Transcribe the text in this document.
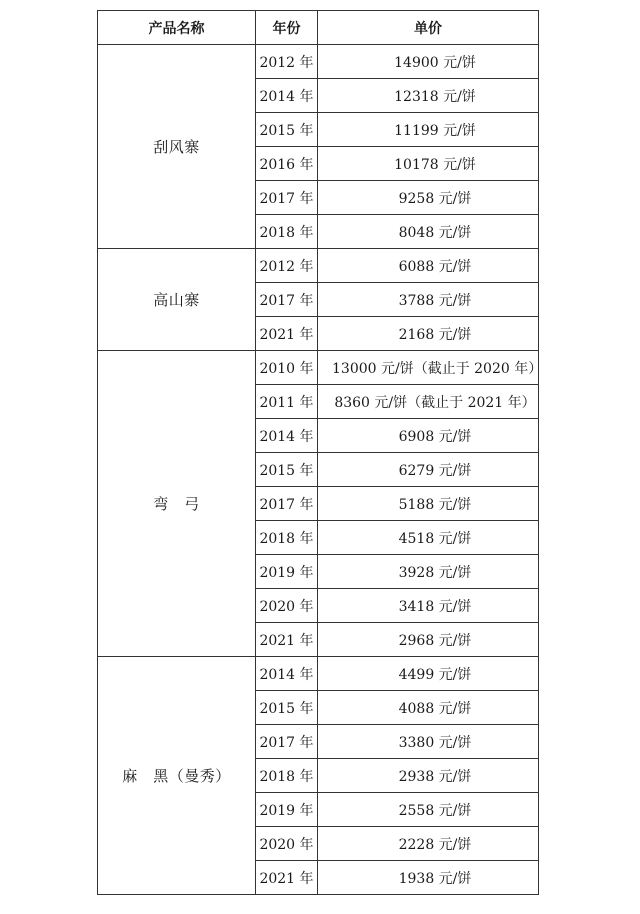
产品名称	年份	单价
刮风寨	2012 年	14900 元/饼
	2014 年	12318 元/饼
	2015 年	11199 元/饼
	2016 年	10178 元/饼
	2017 年	9258 元/饼
	2018 年	8048 元/饼
高山寨	2012 年	6088 元/饼
	2017 年	3788 元/饼
	2021 年	2168 元/饼
弯　弓	2010 年	13000 元/饼（截止于 2020 年）
	2011 年	8360 元/饼（截止于 2021 年）
	2014 年	6908 元/饼
	2015 年	6279 元/饼
	2017 年	5188 元/饼
	2018 年	4518 元/饼
	2019 年	3928 元/饼
	2020 年	3418 元/饼
	2021 年	2968 元/饼
麻　黑（曼秀）	2014 年	4499 元/饼
	2015 年	4088 元/饼
	2017 年	3380 元/饼
	2018 年	2938 元/饼
	2019 年	2558 元/饼
	2020 年	2228 元/饼
	2021 年	1938 元/饼
